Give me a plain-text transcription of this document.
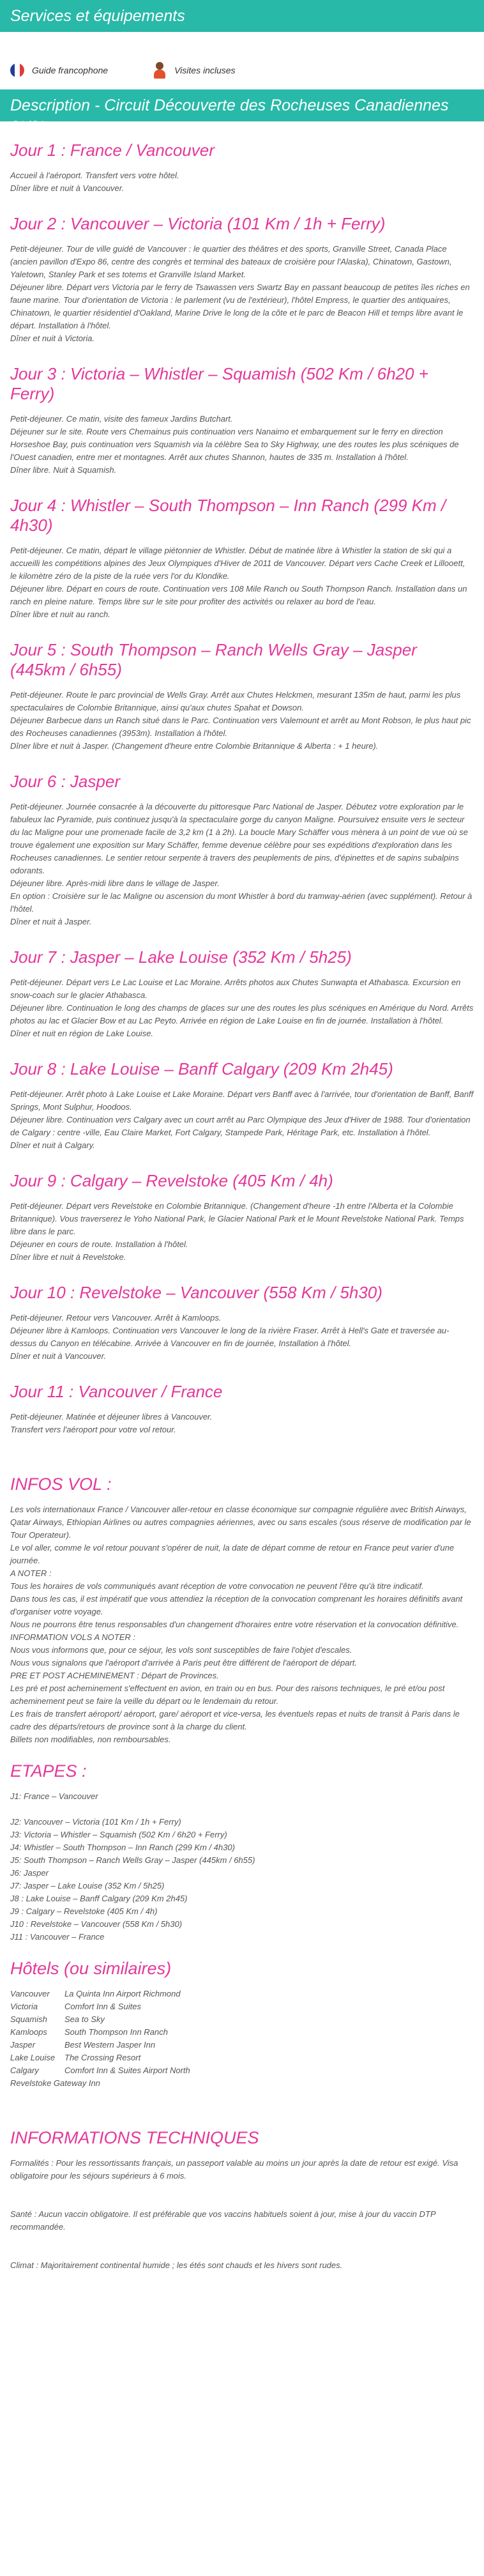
Services et équipements
Guide francophone	Visites incluses
Description - Circuit Découverte des Rocheuses Canadiennes 2*/3*
Jour 1 : France / Vancouver

Accueil à l'aéroport. Transfert vers votre hôtel.

Dîner libre et nuit à Vancouver.

Jour 2 : Vancouver – Victoria (101 Km / 1h + Ferry)

Petit-déjeuner. Tour de ville guidé de Vancouver : le quartier des théâtres et des sports, Granville Street, Canada Place (ancien pavillon d'Expo 86, centre des congrès et terminal des bateaux de croisière pour l'Alaska), Chinatown, Gastown, Yaletown, Stanley Park et ses totems et Granville Island Market.

Déjeuner libre. Départ vers Victoria par le ferry de Tsawassen vers Swartz Bay en passant beaucoup de petites îles riches en faune marine. Tour d'orientation de Victoria : le parlement (vu de l'extérieur), l'hôtel Empress, le quartier des antiquaires, Chinatown, le quartier résidentiel d'Oakland, Marine Drive le long de la côte et le parc de Beacon Hill et temps libre avant le départ. Installation à l'hôtel.

Dîner et nuit à Victoria.

Jour 3 : Victoria – Whistler – Squamish (502 Km / 6h20 + Ferry)

Petit-déjeuner. Ce matin, visite des fameux Jardins Butchart.

Déjeuner sur le site. Route vers Chemainus puis continuation vers Nanaimo et embarquement sur le ferry en direction Horseshoe Bay, puis continuation vers Squamish via la célèbre Sea to Sky Highway, une des routes les plus scéniques de l'Ouest canadien, entre mer et montagnes. Arrêt aux chutes Shannon, hautes de 335 m. Installation à l'hôtel.

Dîner libre. Nuit à Squamish.

Jour 4 : Whistler – South Thompson – Inn Ranch (299 Km / 4h30)

Petit-déjeuner. Ce matin, départ le village piétonnier de Whistler. Début de matinée libre à Whistler la station de ski qui a accueilli les compétitions alpines des Jeux Olympiques d'Hiver de 2011 de Vancouver. Départ vers Cache Creek et Lillooett, le kilomètre zéro de la piste de la ruée vers l'or du Klondike.

Déjeuner libre. Départ en cours de route. Continuation vers 108 Mile Ranch ou South Thompson Ranch. Installation dans un ranch en pleine nature. Temps libre sur le site pour profiter des activités ou relaxer au bord de l'eau.

Dîner libre et nuit au ranch.

Jour 5 : South Thompson – Ranch Wells Gray – Jasper (445km / 6h55)

Petit-déjeuner. Route le parc provincial de Wells Gray. Arrêt aux Chutes Helckmen, mesurant 135m de haut, parmi les plus spectaculaires de Colombie Britannique, ainsi qu'aux chutes Spahat et Dowson.

Déjeuner Barbecue dans un Ranch situé dans le Parc. Continuation vers Valemount et arrêt au Mont Robson, le plus haut pic des Rocheuses canadiennes (3953m). Installation à l'hôtel.

Dîner libre et nuit à Jasper. (Changement d'heure entre Colombie Britannique & Alberta : + 1 heure).

Jour 6 : Jasper

Petit-déjeuner. Journée consacrée à la découverte du pittoresque Parc National de Jasper. Débutez votre exploration par le fabuleux lac Pyramide, puis continuez jusqu'à la spectaculaire gorge du canyon Maligne. Poursuivez ensuite vers le secteur du lac Maligne pour une promenade facile de 3,2 km (1 à 2h). La boucle Mary Schäffer vous mènera à un point de vue où se trouve également une exposition sur Mary Schäffer, femme devenue célèbre pour ses expéditions d'exploration dans les Rocheuses canadiennes. Le sentier retour serpente à travers des peuplements de pins, d'épinettes et de sapins subalpins odorants.

Déjeuner libre. Après-midi libre dans le village de Jasper.

En option : Croisière sur le lac Maligne ou ascension du mont Whistler à bord du tramway-aérien (avec supplément). Retour à l'hôtel.

Dîner et nuit à Jasper.

Jour 7 : Jasper – Lake Louise (352 Km / 5h25)

Petit-déjeuner. Départ vers Le Lac Louise et Lac Moraine. Arrêts photos aux Chutes Sunwapta et Athabasca. Excursion en snow-coach sur le glacier Athabasca.

Déjeuner libre. Continuation le long des champs de glaces sur une des routes les plus scéniques en Amérique du Nord. Arrêts photos au lac et Glacier Bow et au Lac Peyto. Arrivée en région de Lake Louise en fin de journée. Installation à l'hôtel.

Dîner et nuit en région de Lake Louise.

Jour 8 : Lake Louise – Banff Calgary (209 Km 2h45)

Petit-déjeuner. Arrêt photo à Lake Louise et Lake Moraine. Départ vers Banff avec à l'arrivée, tour d'orientation de Banff, Banff Springs, Mont Sulphur, Hoodoos.

Déjeuner libre. Continuation vers Calgary avec un court arrêt au Parc Olympique des Jeux d'Hiver de 1988. Tour d'orientation de Calgary : centre -ville, Eau Claire Market, Fort Calgary, Stampede Park, Héritage Park, etc. Installation à l'hôtel.

Dîner et nuit à Calgary.

Jour 9 : Calgary – Revelstoke (405 Km / 4h)

Petit-déjeuner. Départ vers Revelstoke en Colombie Britannique. (Changement d'heure -1h entre l'Alberta et la Colombie Britannique). Vous traverserez le Yoho National Park, le Glacier National Park et le Mount Revelstoke National Park. Temps libre dans le parc.

Déjeuner en cours de route. Installation à l'hôtel.

Dîner libre et nuit à Revelstoke.

Jour 10 : Revelstoke – Vancouver (558 Km / 5h30)

Petit-déjeuner. Retour vers Vancouver. Arrêt à Kamloops.

Déjeuner libre à Kamloops. Continuation vers Vancouver le long de la rivière Fraser. Arrêt à Hell's Gate et traversée au-dessus du Canyon en télécabine. Arrivée à Vancouver en fin de journée, Installation à l'hôtel.

Dîner et nuit à Vancouver.

Jour 11 : Vancouver / France

Petit-déjeuner. Matinée et déjeuner libres à Vancouver.

Transfert vers l'aéroport pour votre vol retour.

INFOS VOL :

Les vols internationaux France / Vancouver aller-retour en classe économique sur compagnie régulière avec British Airways, Qatar Airways, Ethiopian Airlines ou autres compagnies aériennes, avec ou sans escales (sous réserve de modification par le Tour Operateur).

Le vol aller, comme le vol retour pouvant s'opérer de nuit, la date de départ comme de retour en France peut varier d'une journée.

A NOTER :

Tous les horaires de vols communiqués avant réception de votre convocation ne peuvent l'être qu'à titre indicatif.

Dans tous les cas, il est impératif que vous attendiez la réception de la convocation comprenant les horaires définitifs avant d'organiser votre voyage.

Nous ne pourrons être tenus responsables d'un changement d'horaires entre votre réservation et la convocation définitive.

INFORMATION VOLS A NOTER :

Nous vous informons que, pour ce séjour, les vols sont susceptibles de faire l'objet d'escales.

Nous vous signalons que l'aéroport d'arrivée à Paris peut être différent de l'aéroport de départ.

PRE ET POST ACHEMINEMENT : Départ de Provinces.

Les pré et post acheminement s'effectuent en avion, en train ou en bus. Pour des raisons techniques, le pré et/ou post acheminement peut se faire la veille du départ ou le lendemain du retour.

Les frais de transfert aéroport/ aéroport, gare/ aéroport et vice-versa, les éventuels repas et nuits de transit à Paris dans le cadre des départs/retours de province sont à la charge du client.

Billets non modifiables, non remboursables.

ETAPES :

J1: France – Vancouver

J2: Vancouver – Victoria (101 Km / 1h + Ferry)

J3: Victoria – Whistler – Squamish (502 Km / 6h20 + Ferry)

J4: Whistler – South Thompson – Inn Ranch (299 Km / 4h30)

J5: South Thompson – Ranch Wells Gray – Jasper (445km / 6h55)

J6: Jasper

J7: Jasper – Lake Louise (352 Km / 5h25)

J8 : Lake Louise – Banff Calgary (209 Km 2h45)

J9 : Calgary – Revelstoke (405 Km / 4h)

J10 : Revelstoke – Vancouver (558 Km / 5h30)

J11 : Vancouver – France

Hôtels (ou similaires)
Vancouver	La Quinta Inn Airport Richmond
Victoria	Comfort Inn & Suites
Squamish	Sea to Sky
Kamloops	South Thompson Inn Ranch
Jasper	Best Western Jasper Inn
Lake Louise	The Crossing Resort
Calgary	Comfort Inn & Suites Airport North
Revelstoke Gateway Inn
INFORMATIONS TECHNIQUES
Formalités : Pour les ressortissants français, un passeport valable au moins un jour après la date de retour est exigé. Visa obligatoire pour les séjours supérieurs à 6 mois.
Santé : Aucun vaccin obligatoire. Il est préférable que vos vaccins habituels soient à jour, mise à jour du vaccin DTP recommandée.
Climat : Majoritairement continental humide ; les étés sont chauds et les hivers sont rudes.
